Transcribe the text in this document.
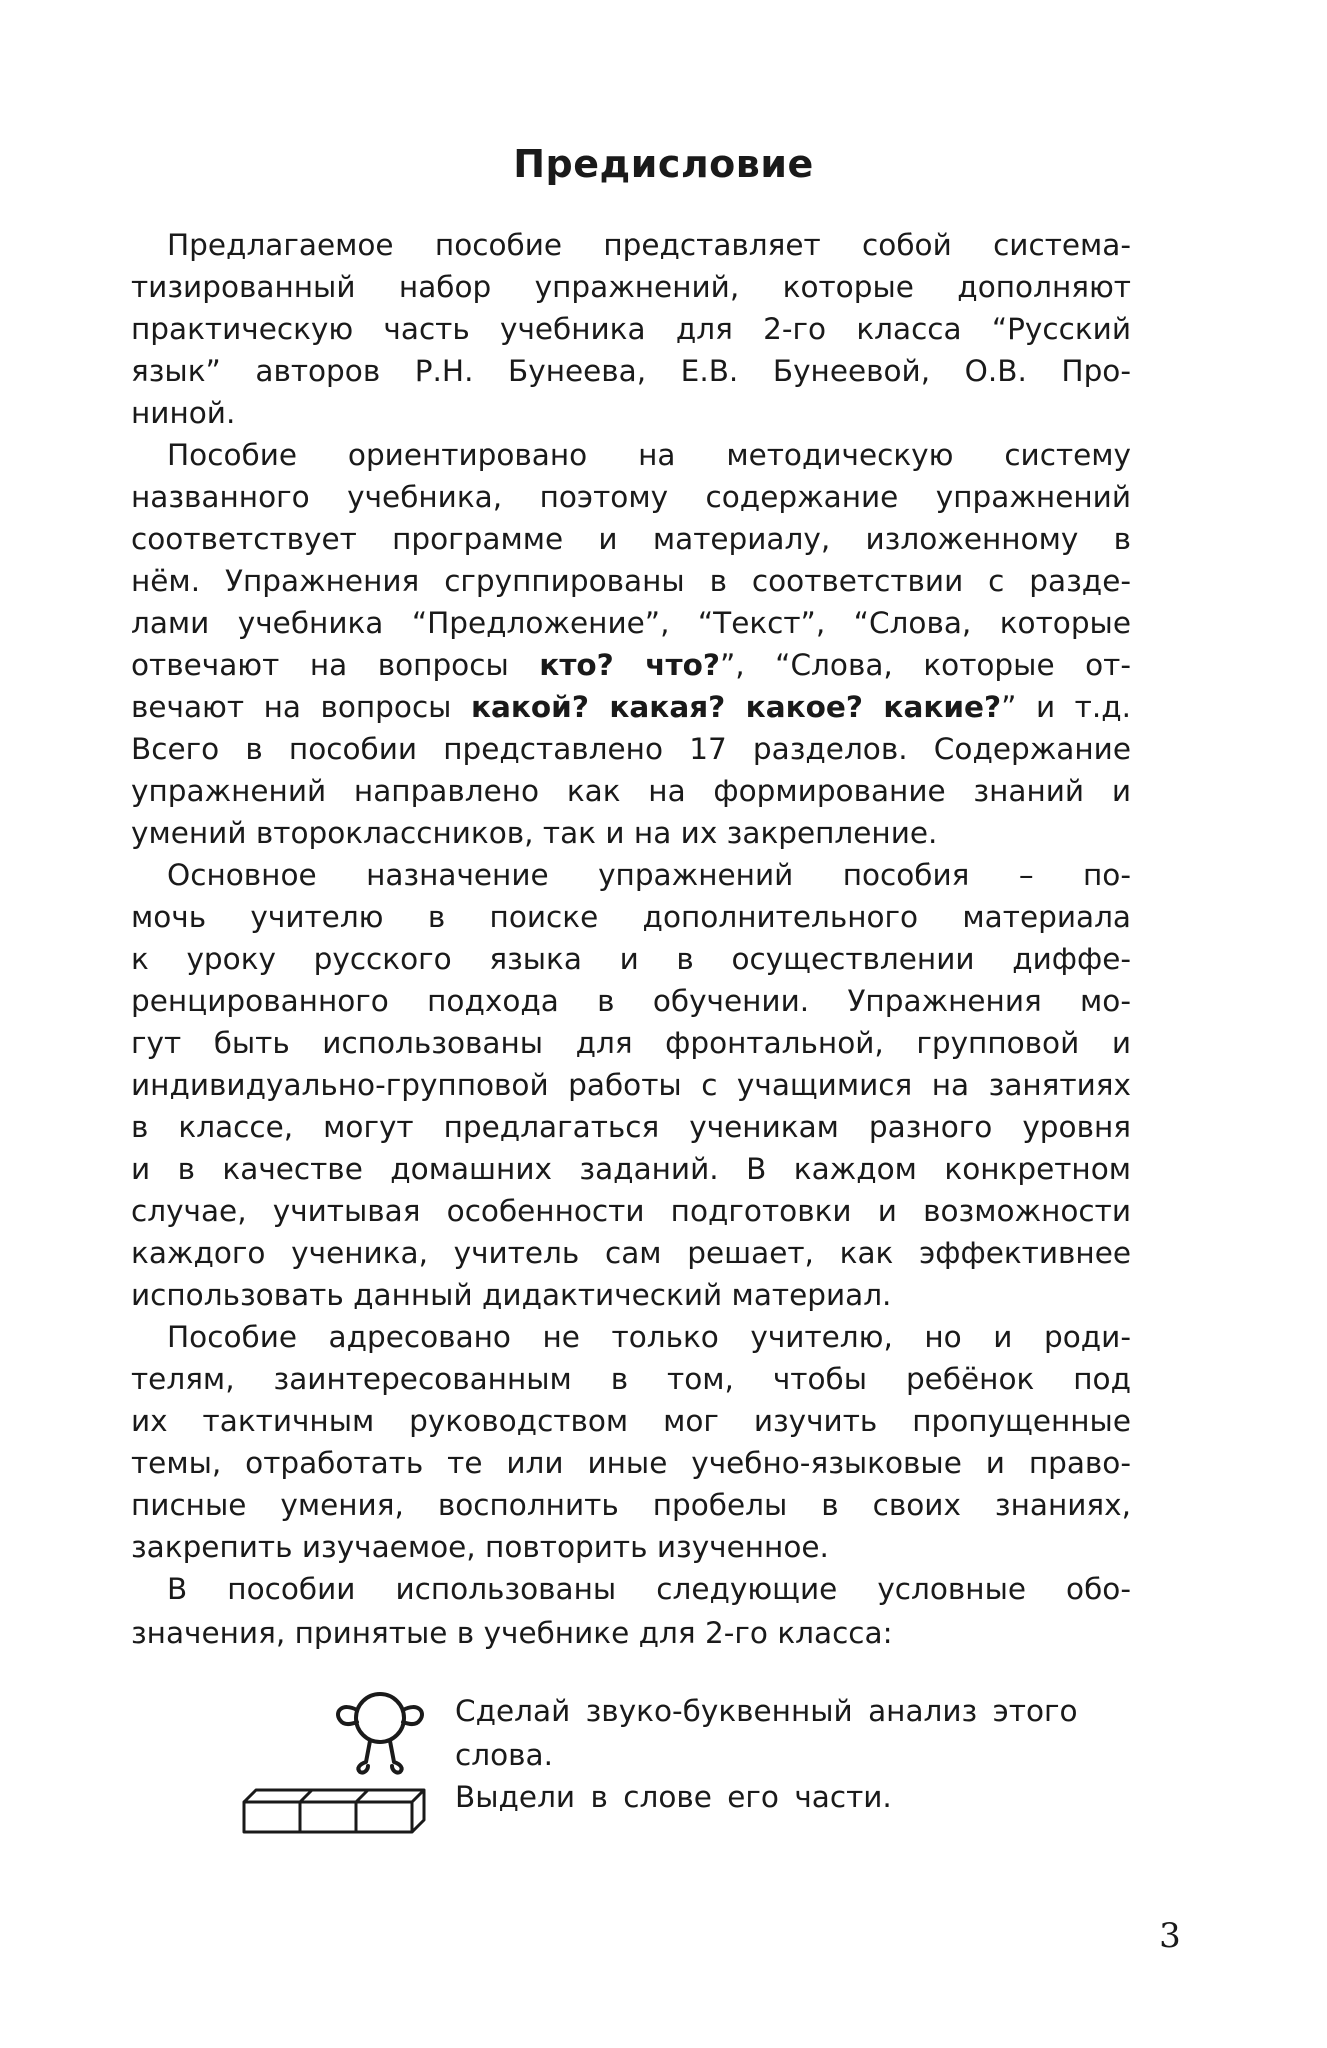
Предисловие
Предлагаемое пособие представляет собой система-
тизированный набор упражнений, которые дополняют
практическую часть учебника для 2-го класса “Русский
язык” авторов Р.Н. Бунеева, Е.В. Бунеевой, О.В. Про-
ниной.
Пособие ориентировано на методическую систему
названного учебника, поэтому содержание упражнений
соответствует программе и материалу, изложенному в
нём. Упражнения сгруппированы в соответствии с разде-
лами учебника “Предложение”, “Текст”, “Слова, которые
отвечают на вопросы кто? что?”, “Слова, которые от-
вечают на вопросы какой? какая? какое? какие?” и т.д.
Всего в пособии представлено 17 разделов. Содержание
упражнений направлено как на формирование знаний и
умений второклассников, так и на их закрепление.
Основное назначение упражнений пособия – по-
мочь учителю в поиске дополнительного материала
к уроку русского языка и в осуществлении диффе-
ренцированного подхода в обучении. Упражнения мо-
гут быть использованы для фронтальной, групповой и
индивидуально-групповой работы с учащимися на занятиях
в классе, могут предлагаться ученикам разного уровня
и в качестве домашних заданий. В каждом конкретном
случае, учитывая особенности подготовки и возможности
каждого ученика, учитель сам решает, как эффективнее
использовать данный дидактический материал.
Пособие адресовано не только учителю, но и роди-
телям, заинтересованным в том, чтобы ребёнок под
их тактичным руководством мог изучить пропущенные
темы, отработать те или иные учебно-языковые и право-
писные умения, восполнить пробелы в своих знаниях,
закрепить изучаемое, повторить изученное.
В пособии использованы следующие условные обо-
значения, принятые в учебнике для 2-го класса:
Сделай звуко-буквенный анализ этого
слова.
Выдели в слове его части.
3
